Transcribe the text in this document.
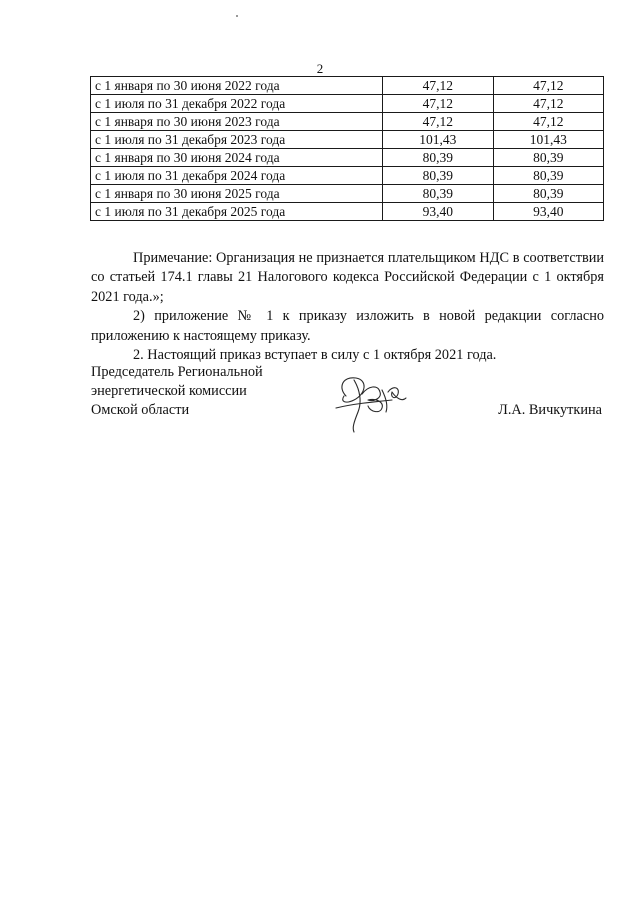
2
с 1 января по 30 июня 2022 года	47,12	47,12
с 1 июля по 31 декабря 2022 года	47,12	47,12
с 1 января по 30 июня 2023 года	47,12	47,12
с 1 июля по 31 декабря 2023 года	101,43	101,43
с 1 января по 30 июня 2024 года	80,39	80,39
с 1 июля по 31 декабря 2024 года	80,39	80,39
с 1 января по 30 июня 2025 года	80,39	80,39
с 1 июля по 31 декабря 2025 года	93,40	93,40

Примечание: Организация не признается плательщиком НДС в соответствии со статьей 174.1 главы 21 Налогового кодекса Российской Федерации с 1 октября 2021 года.»;

2) приложение № 1 к приказу изложить в новой редакции согласно приложению к настоящему приказу.

2. Настоящий приказ вступает в силу с 1 октября 2021 года.

Председатель Региональной
энергетической комиссии
Омской области	Л.А. Вичкуткина
